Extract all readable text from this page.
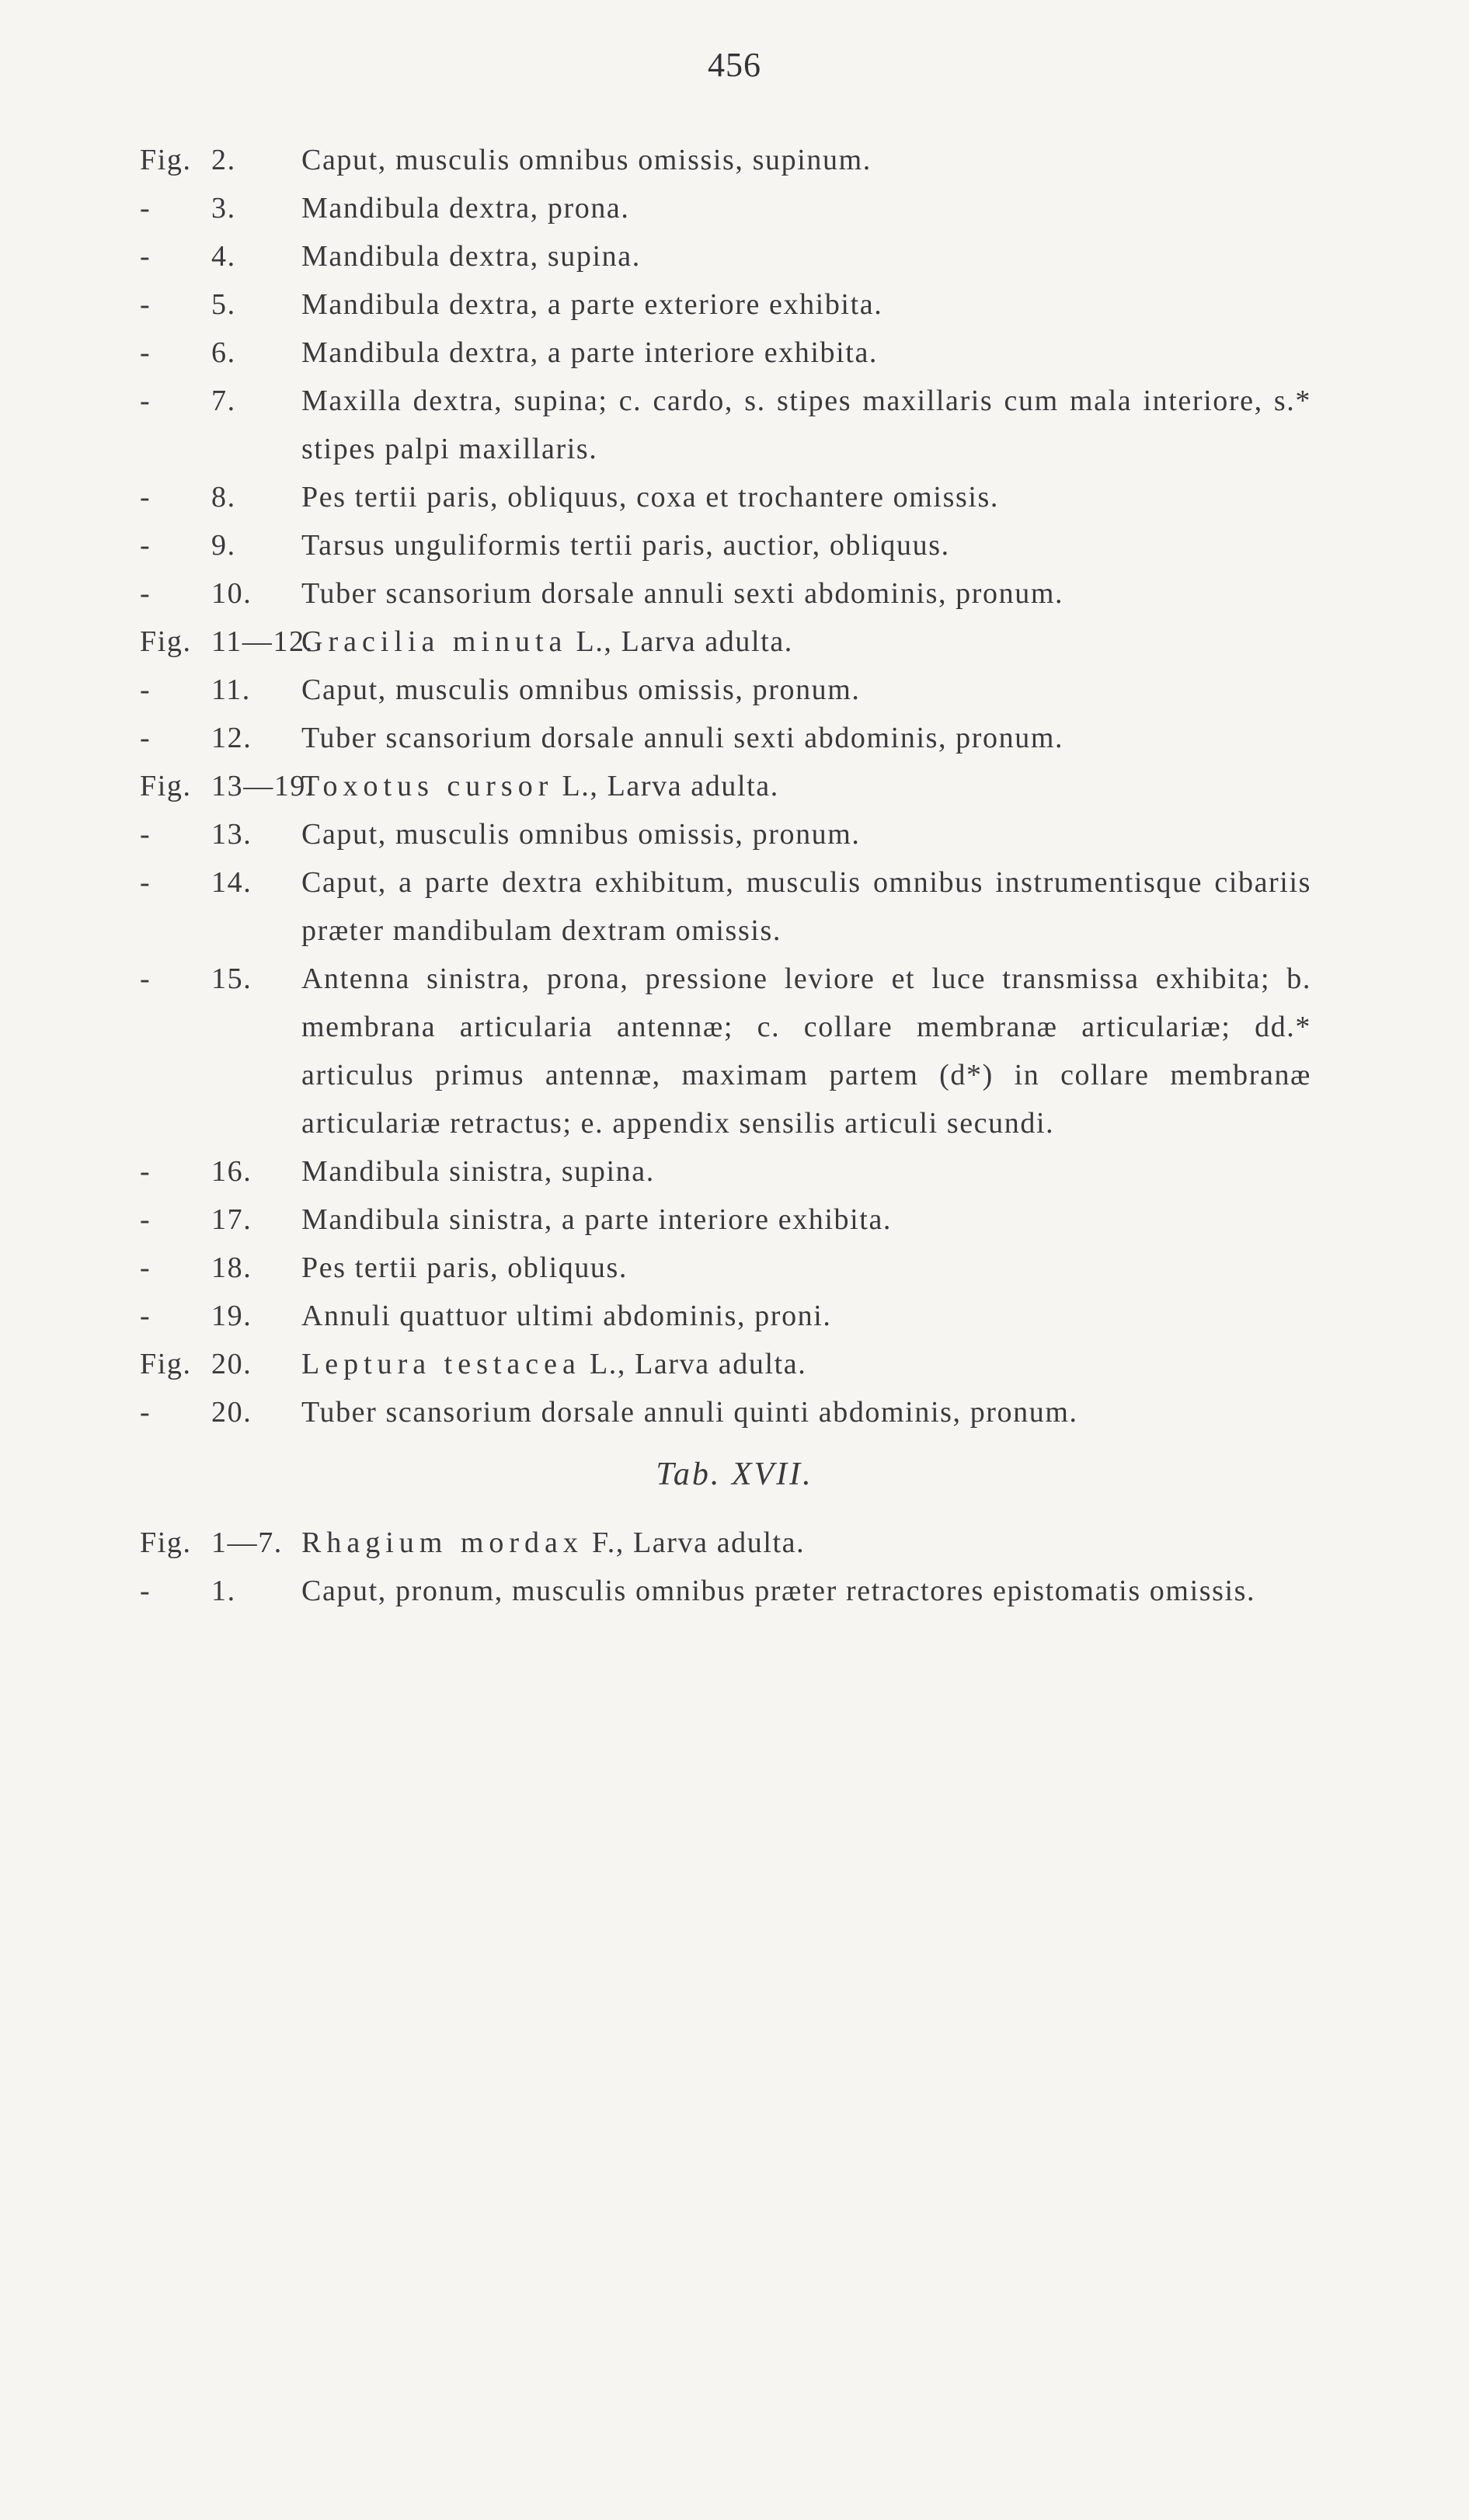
456
Fig. 2. Caput, musculis omnibus omissis, supinum.
- 3. Mandibula dextra, prona.
- 4. Mandibula dextra, supina.
- 5. Mandibula dextra, a parte exteriore exhibita.
- 6. Mandibula dextra, a parte interiore exhibita.
- 7. Maxilla dextra, supina; c. cardo, s. stipes maxillaris cum mala interiore, s.* stipes palpi maxillaris.
- 8. Pes tertii paris, obliquus, coxa et trochantere omissis.
- 9. Tarsus unguliformis tertii paris, auctior, obliquus.
- 10. Tuber scansorium dorsale annuli sexti abdominis, pronum.
Fig. 11—12.
Gracilia minuta L., Larva adulta.
- 11. Caput, musculis omnibus omissis, pronum.
- 12. Tuber scansorium dorsale annuli sexti abdominis, pronum.
Fig. 13—19.
Toxotus cursor L., Larva adulta.
- 13. Caput, musculis omnibus omissis, pronum.
- 14. Caput, a parte dextra exhibitum, musculis omnibus instrumentisque cibariis præter mandibulam dextram omissis.
- 15. Antenna sinistra, prona, pressione leviore et luce transmissa exhibita; b. membrana articularia antennæ; c. collare membranæ articulariæ; dd.* articulus primus antennæ, maximam partem (d*) in collare membranæ articulariæ retractus; e. appendix sensilis articuli secundi.
- 16. Mandibula sinistra, supina.
- 17. Mandibula sinistra, a parte interiore exhibita.
- 18. Pes tertii paris, obliquus.
- 19. Annuli quattuor ultimi abdominis, proni.
Fig. 20. Leptura testacea L., Larva adulta.
- 20. Tuber scansorium dorsale annuli quinti abdominis, pronum.
Tab. XVII.
Fig. 1—7. Rhagium mordax F., Larva adulta.
- 1. Caput, pronum, musculis omnibus præter retractores epistomatis omissis.
